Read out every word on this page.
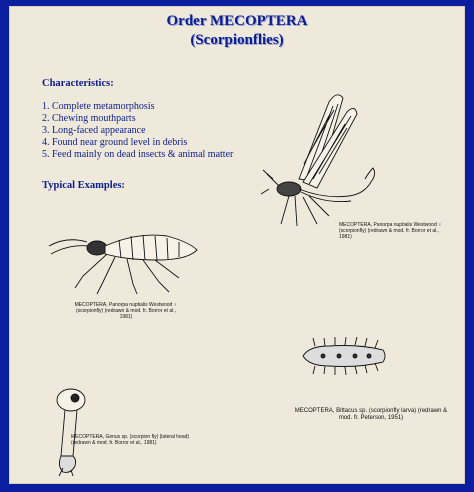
Order MECOPTERA
(Scorpionflies)
Characteristics:
1. Complete metamorphosis
2. Chewing mouthparts
3. Long-faced appearance
4. Found near ground level in debris
5. Feed mainly on dead insects & animal matter
Typical Examples:
MECOPTERA, Panorpa nuptialis Westwood ♀ (scorpionfly) (redrawn & mod. fr. Borror et al., 1981)
MECOPTERA, Panorpa nuptialis Westwood ♀ (scorpionfly) (redrawn & mod. fr. Borror et al., 1981)
MECOPTERA, Bittacus sp. (scorpionfly larva) (redrawn & mod. fr. Peterson, 1951)
MECOPTERA, Genus sp. (scorpion fly) (lateral head) (redrawn & mod. fr. Borror et al., 1981)
